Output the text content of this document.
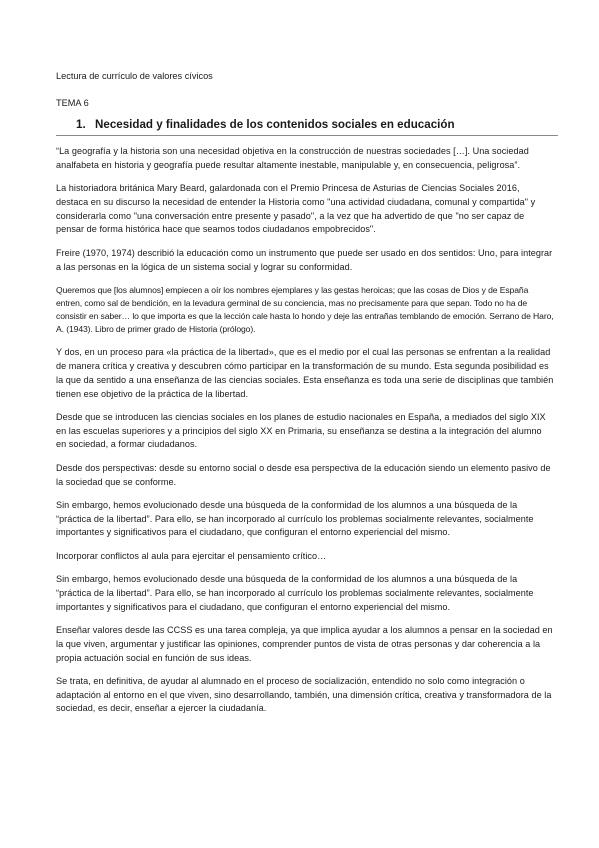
Lectura de currículo de valores cívicos
TEMA 6
1. Necesidad y finalidades de los contenidos sociales en educación

“La geografía y la historia son una necesidad objetiva en la construcción de nuestras sociedades […]. Una sociedad analfabeta en historia y geografía puede resultar altamente inestable, manipulable y, en consecuencia, peligrosa”.

La historiadora británica Mary Beard, galardonada con el Premio Princesa de Asturias de Ciencias Sociales 2016, destaca en su discurso la necesidad de entender la Historia como "una actividad ciudadana, comunal y compartida" y considerarla como "una conversación entre presente y pasado", a la vez que ha advertido de que "no ser capaz de pensar de forma histórica hace que seamos todos ciudadanos empobrecidos".

Freire (1970, 1974) describió la educación como un instrumento que puede ser usado en dos sentidos: Uno, para integrar a las personas en la lógica de un sistema social y lograr su conformidad.

Queremos que [los alumnos] empiecen a oír los nombres ejemplares y las gestas heroicas; que las cosas de Dios y de España entren, como sal de bendición, en la levadura germinal de su conciencia, mas no precisamente para que sepan. Todo no ha de consistir en saber… lo que importa es que la lección cale hasta lo hondo y deje las entrañas temblando de emoción. Serrano de Haro, A. (1943). Libro de primer grado de Historia (prólogo).

Y dos, en un proceso para «la práctica de la libertad», que es el medio por el cual las personas se enfrentan a la realidad de manera crítica y creativa y descubren cómo participar en la transformación de su mundo. Esta segunda posibilidad es la que da sentido a una enseñanza de las ciencias sociales. Esta enseñanza es toda una serie de disciplinas que también tienen ese objetivo de la práctica de la libertad.

Desde que se introducen las ciencias sociales en los planes de estudio nacionales en España, a mediados del siglo XIX en las escuelas superiores y a principios del siglo XX en Primaria, su enseñanza se destina a la integración del alumno en sociedad, a formar ciudadanos.

Desde dos perspectivas: desde su entorno social o desde esa perspectiva de la educación siendo un elemento pasivo de la sociedad que se conforme.

Sin embargo, hemos evolucionado desde una búsqueda de la conformidad de los alumnos a una búsqueda de la “práctica de la libertad”. Para ello, se han incorporado al currículo los problemas socialmente relevantes, socialmente importantes y significativos para el ciudadano, que configuran el entorno experiencial del mismo.

Incorporar conflictos al aula para ejercitar el pensamiento crítico…

Sin embargo, hemos evolucionado desde una búsqueda de la conformidad de los alumnos a una búsqueda de la “práctica de la libertad”. Para ello, se han incorporado al currículo los problemas socialmente relevantes, socialmente importantes y significativos para el ciudadano, que configuran el entorno experiencial del mismo.

Enseñar valores desde las CCSS es una tarea compleja, ya que implica ayudar a los alumnos a pensar en la sociedad en la que viven, argumentar y justificar las opiniones, comprender puntos de vista de otras personas y dar coherencia a la propia actuación social en función de sus ideas.

Se trata, en definitiva, de ayudar al alumnado en el proceso de socialización, entendido no solo como integración o adaptación al entorno en el que viven, sino desarrollando, también, una dimensión crítica, creativa y transformadora de la sociedad, es decir, enseñar a ejercer la ciudadanía.
